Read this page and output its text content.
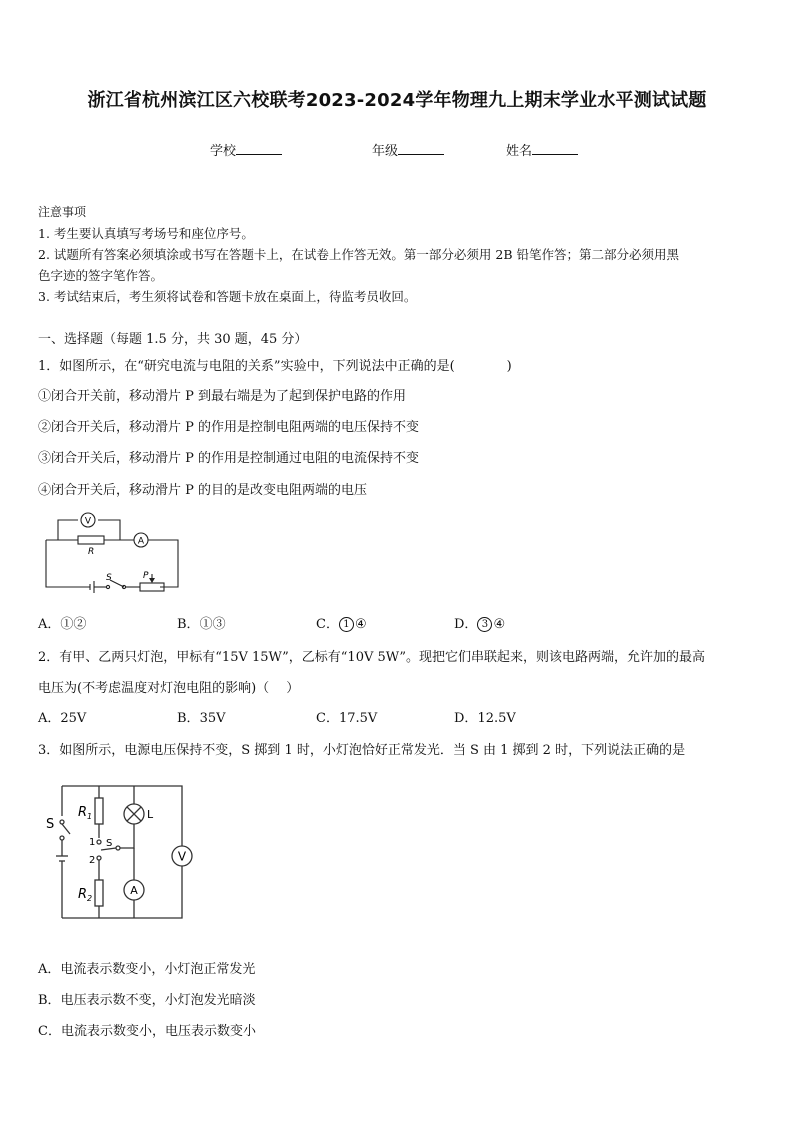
浙江省杭州滨江区六校联考2023-2024学年物理九上期末学业水平测试试题
学校	年级	姓名
注意事项
1. 考生要认真填写考场号和座位序号。
2. 试题所有答案必须填涂或书写在答题卡上，在试卷上作答无效。第一部分必须用 2B 铅笔作答；第二部分必须用黑
色字迹的签字笔作答。
3. 考试结束后，考生须将试卷和答题卡放在桌面上，待监考员收回。
一、选择题（每题 1.5 分，共 30 题，45 分）
1．如图所示，在“研究电流与电阻的关系”实验中，下列说法中正确的是(　　　　)
①闭合开关前，移动滑片 P 到最右端是为了起到保护电路的作用
②闭合开关后，移动滑片 P 的作用是控制电阻两端的电压保持不变
③闭合开关后，移动滑片 P 的作用是控制通过电阻的电流保持不变
④闭合开关后，移动滑片 P 的目的是改变电阻两端的电压
V
A
R
S	P
A．①②	B．①③	C． 1 ④	D． 3 ④
2．有甲、乙两只灯泡，甲标有“15V 15W”，乙标有“10V 5W”。现把它们串联起来，则该电路两端，允许加的最高
电压为(不考虑温度对灯泡电阻的影响)（　 ）
A．25V	B．35V	C．17.5V	D．12.5V
3．如图所示，电源电压保持不变，S 掷到 1 时，小灯泡恰好正常发光．当 S 由 1 掷到 2 时，下列说法正确的是
S
$R_1$
$R_2$
1
2
S
L
V
A
A．电流表示数变小，小灯泡正常发光
B．电压表示数不变，小灯泡发光暗淡
C．电流表示数变小，电压表示数变小
